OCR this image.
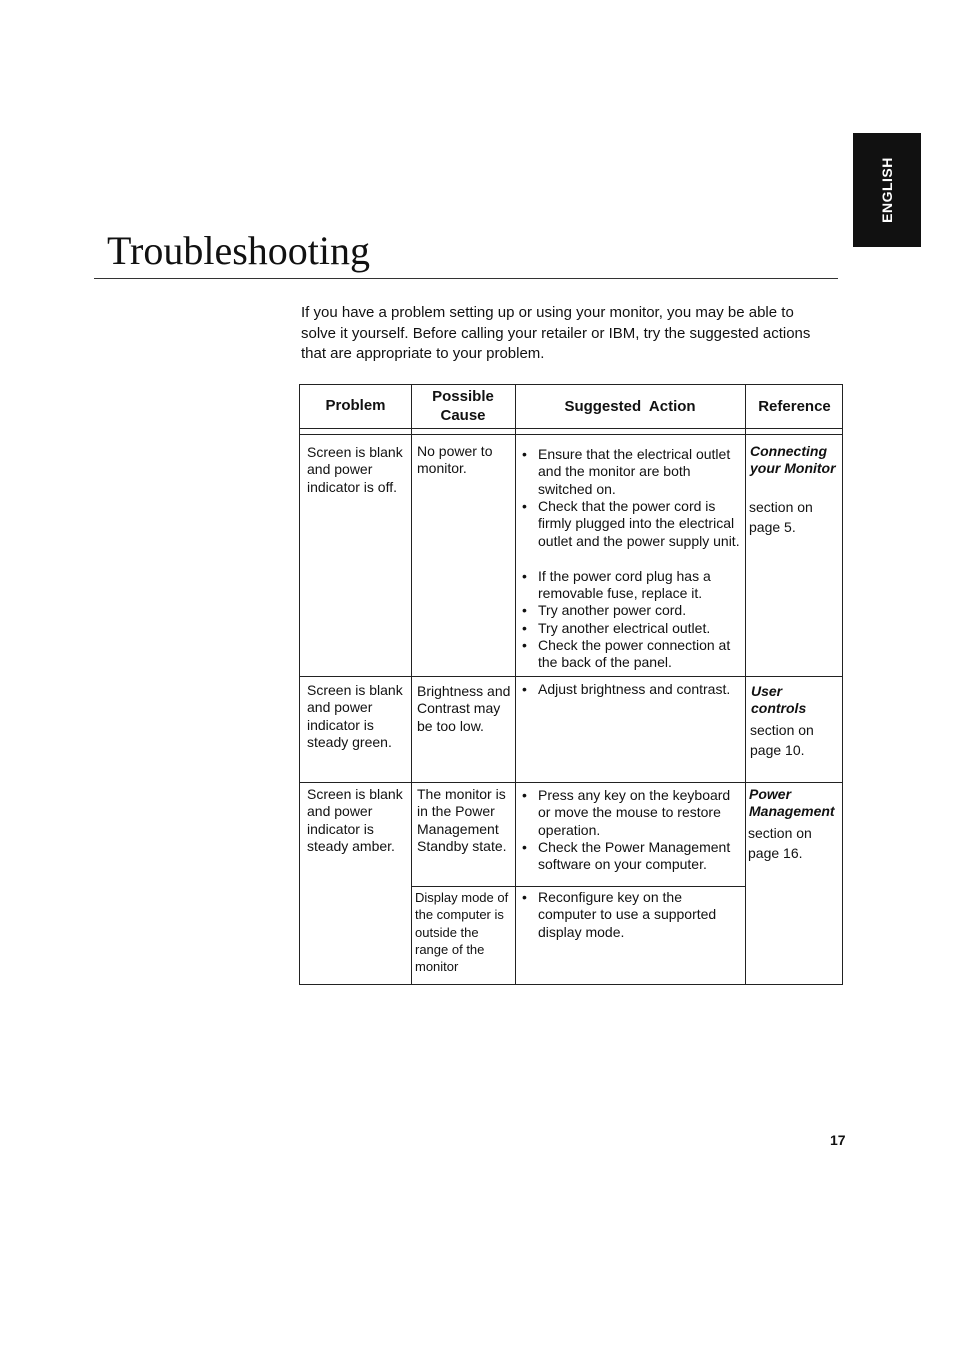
ENGLISH
Troubleshooting

If you have a problem setting up or using your monitor, you may be able to solve it yourself. Before calling your retailer or IBM, try the suggested actions that are appropriate to your problem.

Problem
Possible
Cause
Suggested  Action	Reference
Screen is blank and power indicator is off.
No power to monitor.
• Ensure that the electrical outlet and the monitor are both switched on.
• Check that the power cord is firmly plugged into the electrical outlet and the power supply unit.
• If the power cord plug has a removable fuse, replace it.
• Try another power cord.
• Try another electrical outlet.
• Check the power connection at the back of the panel.
Connecting your Monitor
section on page 5.
Screen is blank and power indicator is steady green.
Brightness and Contrast may be too low.
• Adjust brightness and contrast.	User controls
section on page 10.
Screen is blank and power indicator is steady amber.
The monitor is in the Power Management Standby state.
• Press any key on the keyboard or move the mouse to restore operation.
• Check the Power Management software on your computer.
Power Management
section on page 16.
Display mode of the computer is outside the range of the monitor
• Reconfigure key on the computer to use a supported display mode.
17
